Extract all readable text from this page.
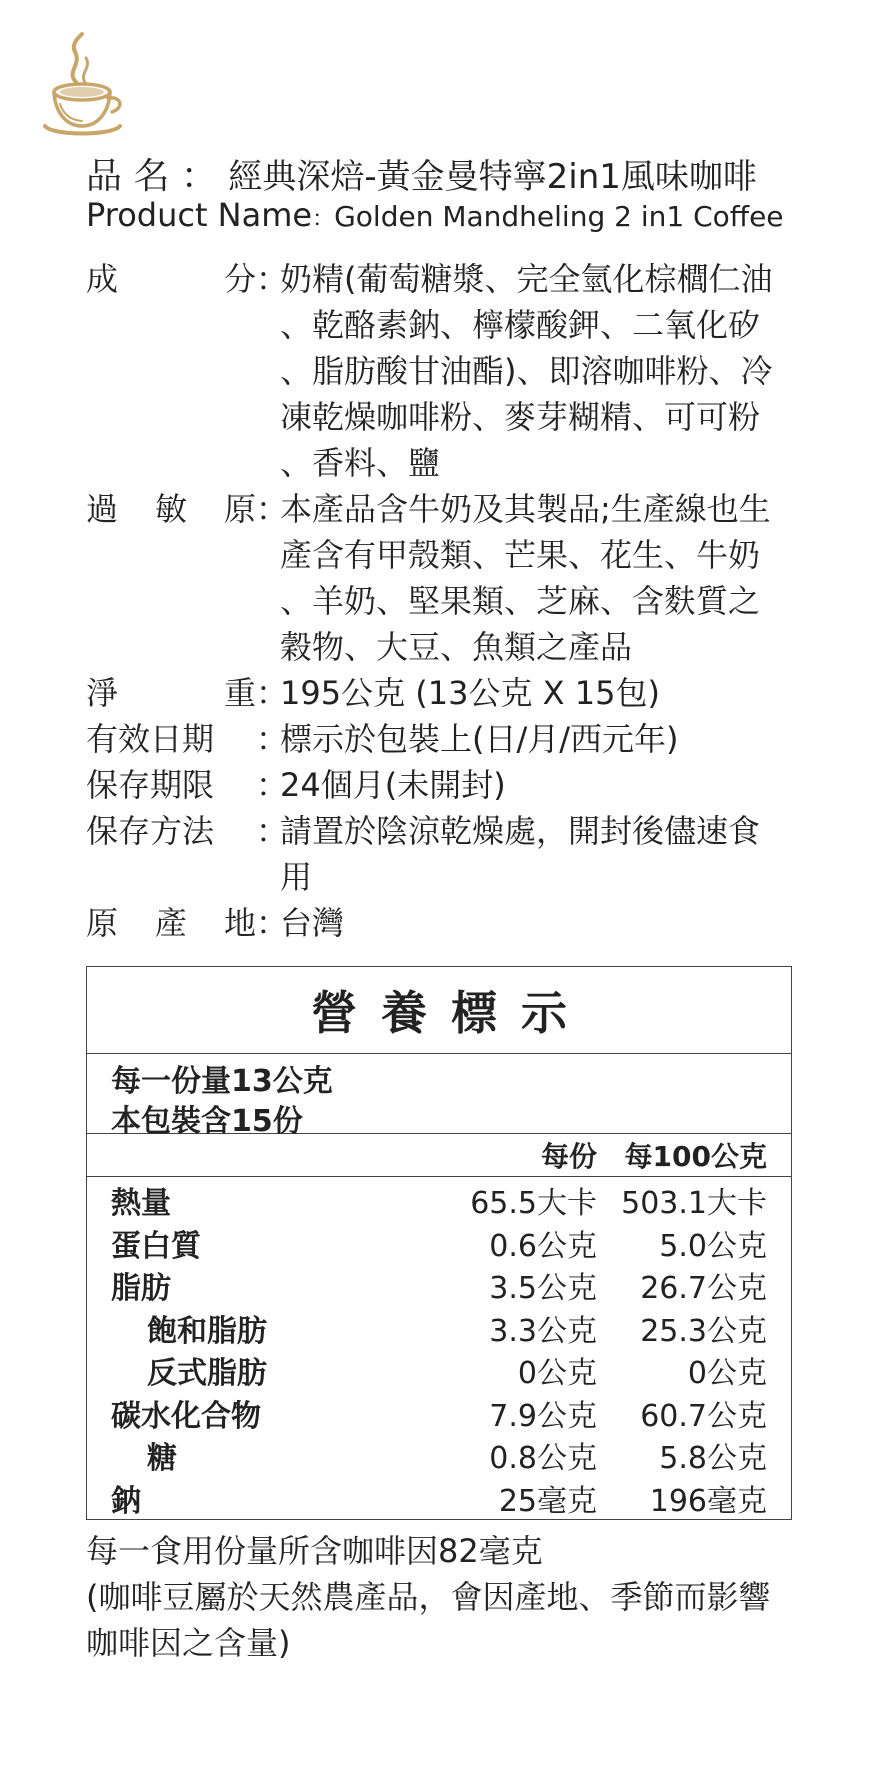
品 名 ： 經典深焙-黃金曼特寧2in1風味咖啡
Product Name：Golden Mandheling 2 in1 Coffee
成	分 ：
奶精(葡萄糖漿、完全氫化棕櫚仁油
、乾酪素鈉、檸檬酸鉀、二氧化矽
、脂肪酸甘油酯)、即溶咖啡粉、冷
凍乾燥咖啡粉、麥芽糊精、可可粉
、香料、鹽
過 敏 原 ：
本產品含牛奶及其製品;生產線也生
產含有甲殼類、芒果、花生、牛奶
、羊奶、堅果類、芝麻、含麩質之
穀物、大豆、魚類之產品
淨	重 ：
195公克 (13公克 X 15包)
有效日期 ：
標示於包裝上(日/月/西元年)
保存期限 ：
24個月(未開封)
保存方法 ：
請置於陰涼乾燥處，開封後儘速食
用
原 產 地 ：
台灣
營養標示
每一份量13公克
本包裝含15份
每份 每100公克
熱量	65.5大卡 503.1大卡
蛋白質	0.6公克	5.0公克
脂肪	3.5公克	26.7公克
飽和脂肪	3.3公克	25.3公克
反式脂肪	0公克	0公克
碳水化合物	7.9公克	60.7公克
糖	0.8公克	5.8公克
鈉	25毫克	196毫克
每一食用份量所含咖啡因82毫克
(咖啡豆屬於天然農產品，會因產地、季節而影響
咖啡因之含量)
